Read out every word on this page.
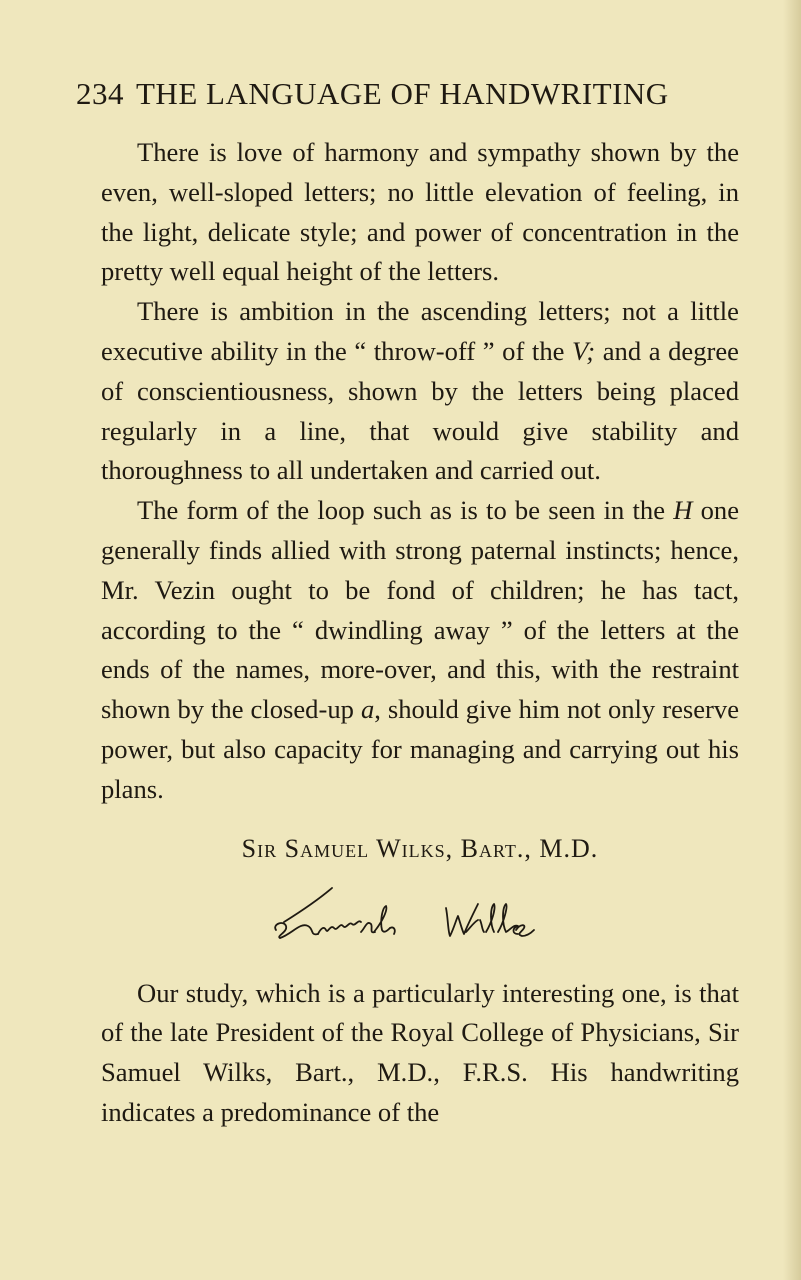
234 THE LANGUAGE OF HANDWRITING

There is love of harmony and sympathy shown by the even, well-sloped letters; no little elevation of feeling, in the light, delicate style; and power of concentration in the pretty well equal height of the letters.

There is ambition in the ascending letters; not a little executive ability in the “ throw-off ” of the V; and a degree of conscientiousness, shown by the letters being placed regularly in a line, that would give stability and thoroughness to all undertaken and carried out.

The form of the loop such as is to be seen in the H one generally finds allied with strong paternal instincts; hence, Mr. Vezin ought to be fond of children; he has tact, according to the “ dwindling away ” of the letters at the ends of the names, more-over, and this, with the restraint shown by the closed-up a, should give him not only reserve power, but also capacity for managing and carrying out his plans.

Sir Samuel Wilks, Bart., M.D.

Our study, which is a particularly interesting one, is that of the late President of the Royal College of Physicians, Sir Samuel Wilks, Bart., M.D., F.R.S. His handwriting indicates a predominance of the
